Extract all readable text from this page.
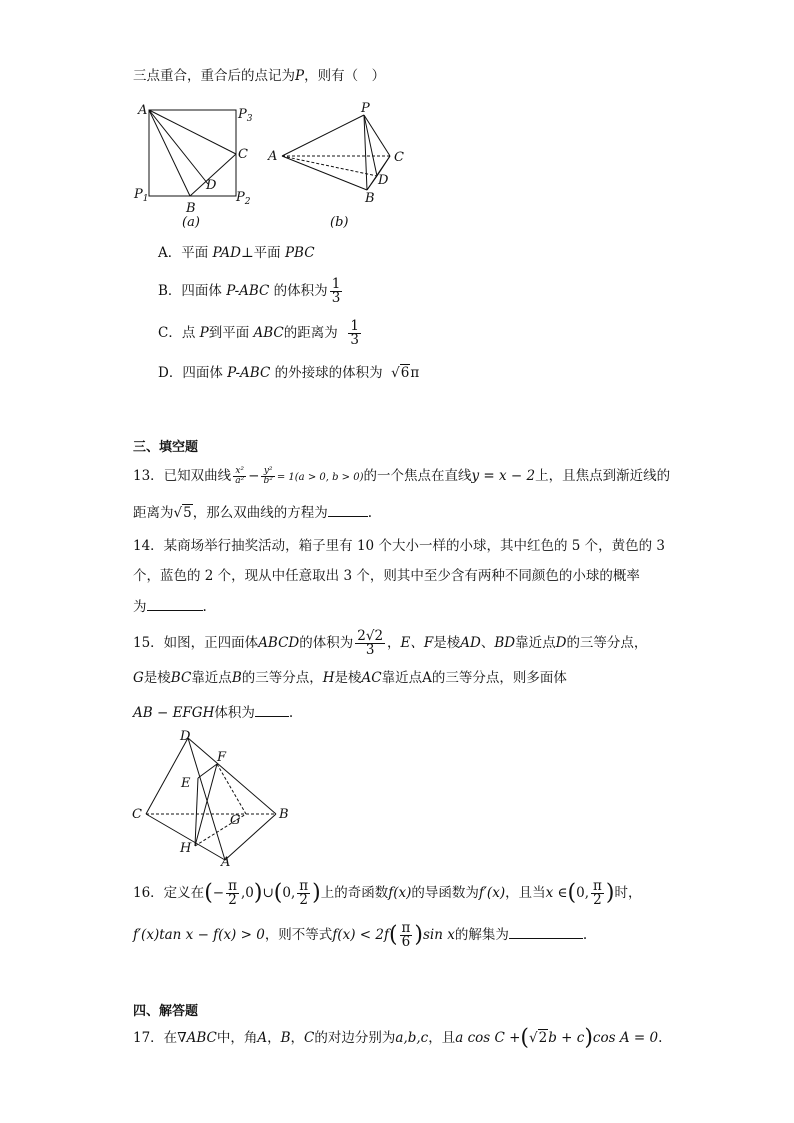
三点重合，重合后的点记为P，则有（　）
A	$P_3$
C
D
$P_1$
B
$P_2$
(a)
P
A	C
D
B
(b)
A．平面 PAD⊥平面 PBC
B．四面体 P-ABC 的体积为 $\frac{1}{3}$
C．点 P到平面 ABC的距离为 $\frac{1}{3}$
D．四面体 P-ABC 的外接球的体积为  √6π
三、填空题
13．已知双曲线 $\frac{\text{x²}}{\text{a²}} - \frac{\text{y²}}{\text{b²}} = 1(a > 0$, b > 0)的一个焦点在直线y = x − 2上，且焦点到渐近线的
距离为√5，那么双曲线的方程为	.
14．某商场举行抽奖活动，箱子里有 10 个大小一样的小球，其中红色的 5 个，黄色的 3
个，蓝色的 2 个，现从中任意取出 3 个，则其中至少含有两种不同颜色的小球的概率
为	.
15．如图，正四面体ABCD的体积为 $\frac{2√2}{3}$ ，E、F是棱AD、BD靠近点D的三等分点，
G是棱BC靠近点B的三等分点，H是棱AC靠近点A的三等分点，则多面体
AB − EFGH体积为	.
D
F
E
C	G	B
H
A
16．定义在(− $\frac{\pi}{2}$ ,0)∪(0, $\frac{\pi}{2}$ )上的奇函数f(x)的导函数为f′(x)，且当x ∈(0, $\frac{\pi}{2}$ )时，
f′(x)tan x − f(x) > 0，则不等式$f(x) < 2f( \frac{\pi}{6} )\sin$ x的解集为	.
四、解答题
17．在∇ABC中，角A，B，C的对边分别为a,b,c，且a cos C +(√2b + c)cos A = 0.
